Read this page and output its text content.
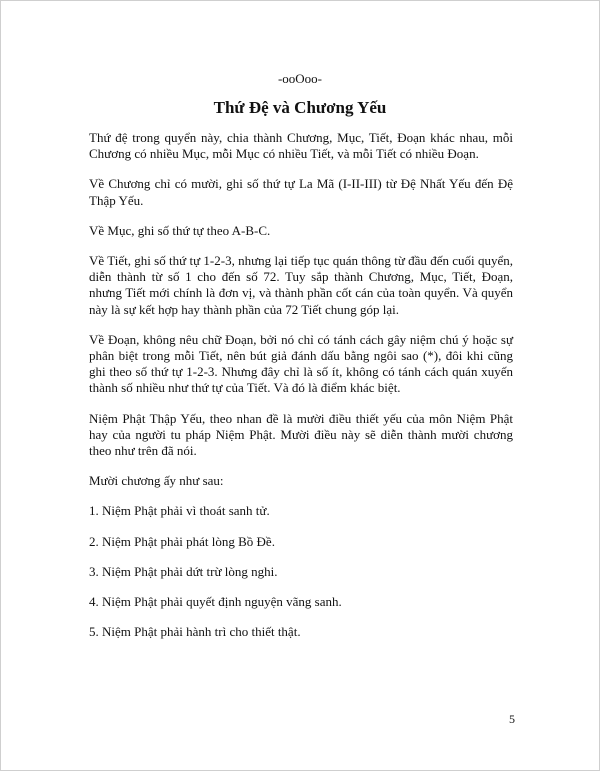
-ooOoo-
Thứ Đệ và Chương Yếu

Thứ đệ trong quyển này, chia thành Chương, Mục, Tiết, Đoạn khác nhau, mỗi Chương có nhiều Mục, mỗi Mục có nhiều Tiết, và mỗi Tiết có nhiều Đoạn.

Về Chương chỉ có mười, ghi số thứ tự La Mã (I-II-III) từ Đệ Nhất Yếu đến Đệ Thập Yếu.

Về Mục, ghi số thứ tự theo A-B-C.

Về Tiết, ghi số thứ tự 1-2-3, nhưng lại tiếp tục quán thông từ đầu đến cuối quyển, diễn thành từ số 1 cho đến số 72. Tuy sắp thành Chương, Mục, Tiết, Đoạn, nhưng Tiết mới chính là đơn vị, và thành phần cốt cán của toàn quyển. Và quyển này là sự kết hợp hay thành phần của 72 Tiết chung góp lại.

Về Đoạn, không nêu chữ Đoạn, bởi nó chỉ có tánh cách gây niệm chú ý hoặc sự phân biệt trong mỗi Tiết, nên bút giả đánh dấu bằng ngôi sao (*), đôi khi cũng ghi theo số thứ tự 1-2-3. Nhưng đây chỉ là số ít, không có tánh cách quán xuyến thành số nhiều như thứ tự của Tiết. Và đó là điểm khác biệt.

Niệm Phật Thập Yếu, theo nhan đề là mười điều thiết yếu của môn Niệm Phật hay của người tu pháp Niệm Phật. Mười điều này sẽ diễn thành mười chương theo như trên đã nói.

Mười chương ấy như sau:

1. Niệm Phật phải vì thoát sanh tử.

2. Niệm Phật phải phát lòng Bồ Đề.

3. Niệm Phật phải dứt trừ lòng nghi.

4. Niệm Phật phải quyết định nguyện vãng sanh.

5. Niệm Phật phải hành trì cho thiết thật.

5
